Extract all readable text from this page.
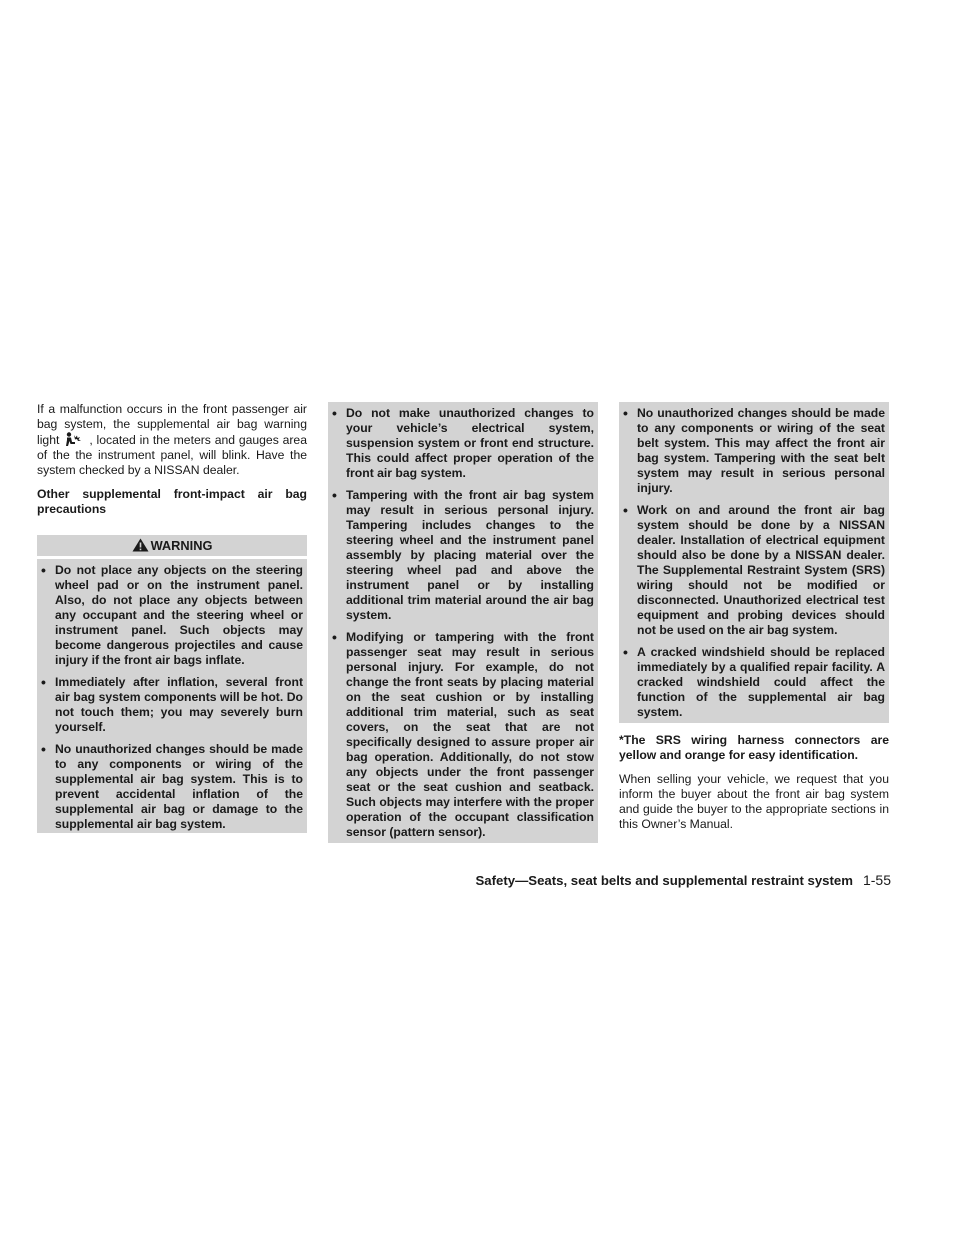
If a malfunction occurs in the front passenger air bag system, the supplemental air bag warning light , located in the meters and gauges area of the the instrument panel, will blink. Have the system checked by a NISSAN dealer.

Other supplemental front-impact air bag precautions

WARNING
• Do not place any objects on the steering wheel pad or on the instrument panel. Also, do not place any objects between any occupant and the steering wheel or instrument panel. Such objects may become dangerous projectiles and cause injury if the front air bags inflate.
• Immediately after inflation, several front air bag system components will be hot. Do not touch them; you may severely burn yourself.
• No unauthorized changes should be made to any components or wiring of the supplemental air bag system. This is to prevent accidental inflation of the supplemental air bag or damage to the supplemental air bag system.
• Do not make unauthorized changes to your vehicle’s electrical system, suspension system or front end structure. This could affect proper operation of the front air bag system.
• Tampering with the front air bag system may result in serious personal injury. Tampering includes changes to the steering wheel and the instrument panel assembly by placing material over the steering wheel pad and above the instrument panel or by installing additional trim material around the air bag system.
• Modifying or tampering with the front passenger seat may result in serious personal injury. For example, do not change the front seats by placing material on the seat cushion or by installing additional trim material, such as seat covers, on the seat that are not specifically designed to assure proper air bag operation. Additionally, do not stow any objects under the front passenger seat or the seat cushion and seatback. Such objects may interfere with the proper operation of the occupant classification sensor (pattern sensor).
• No unauthorized changes should be made to any components or wiring of the seat belt system. This may affect the front air bag system. Tampering with the seat belt system may result in serious personal injury.
• Work on and around the front air bag system should be done by a NISSAN dealer. Installation of electrical equipment should also be done by a NISSAN dealer. The Supplemental Restraint System (SRS) wiring should not be modified or disconnected. Unauthorized electrical test equipment and probing devices should not be used on the air bag system.
• A cracked windshield should be replaced immediately by a qualified repair facility. A cracked windshield could affect the function of the supplemental air bag system.

*The SRS wiring harness connectors are yellow and orange for easy identification.

When selling your vehicle, we request that you inform the buyer about the front air bag system and guide the buyer to the appropriate sections in this Owner’s Manual.

Safety—Seats, seat belts and supplemental restraint system 1-55
